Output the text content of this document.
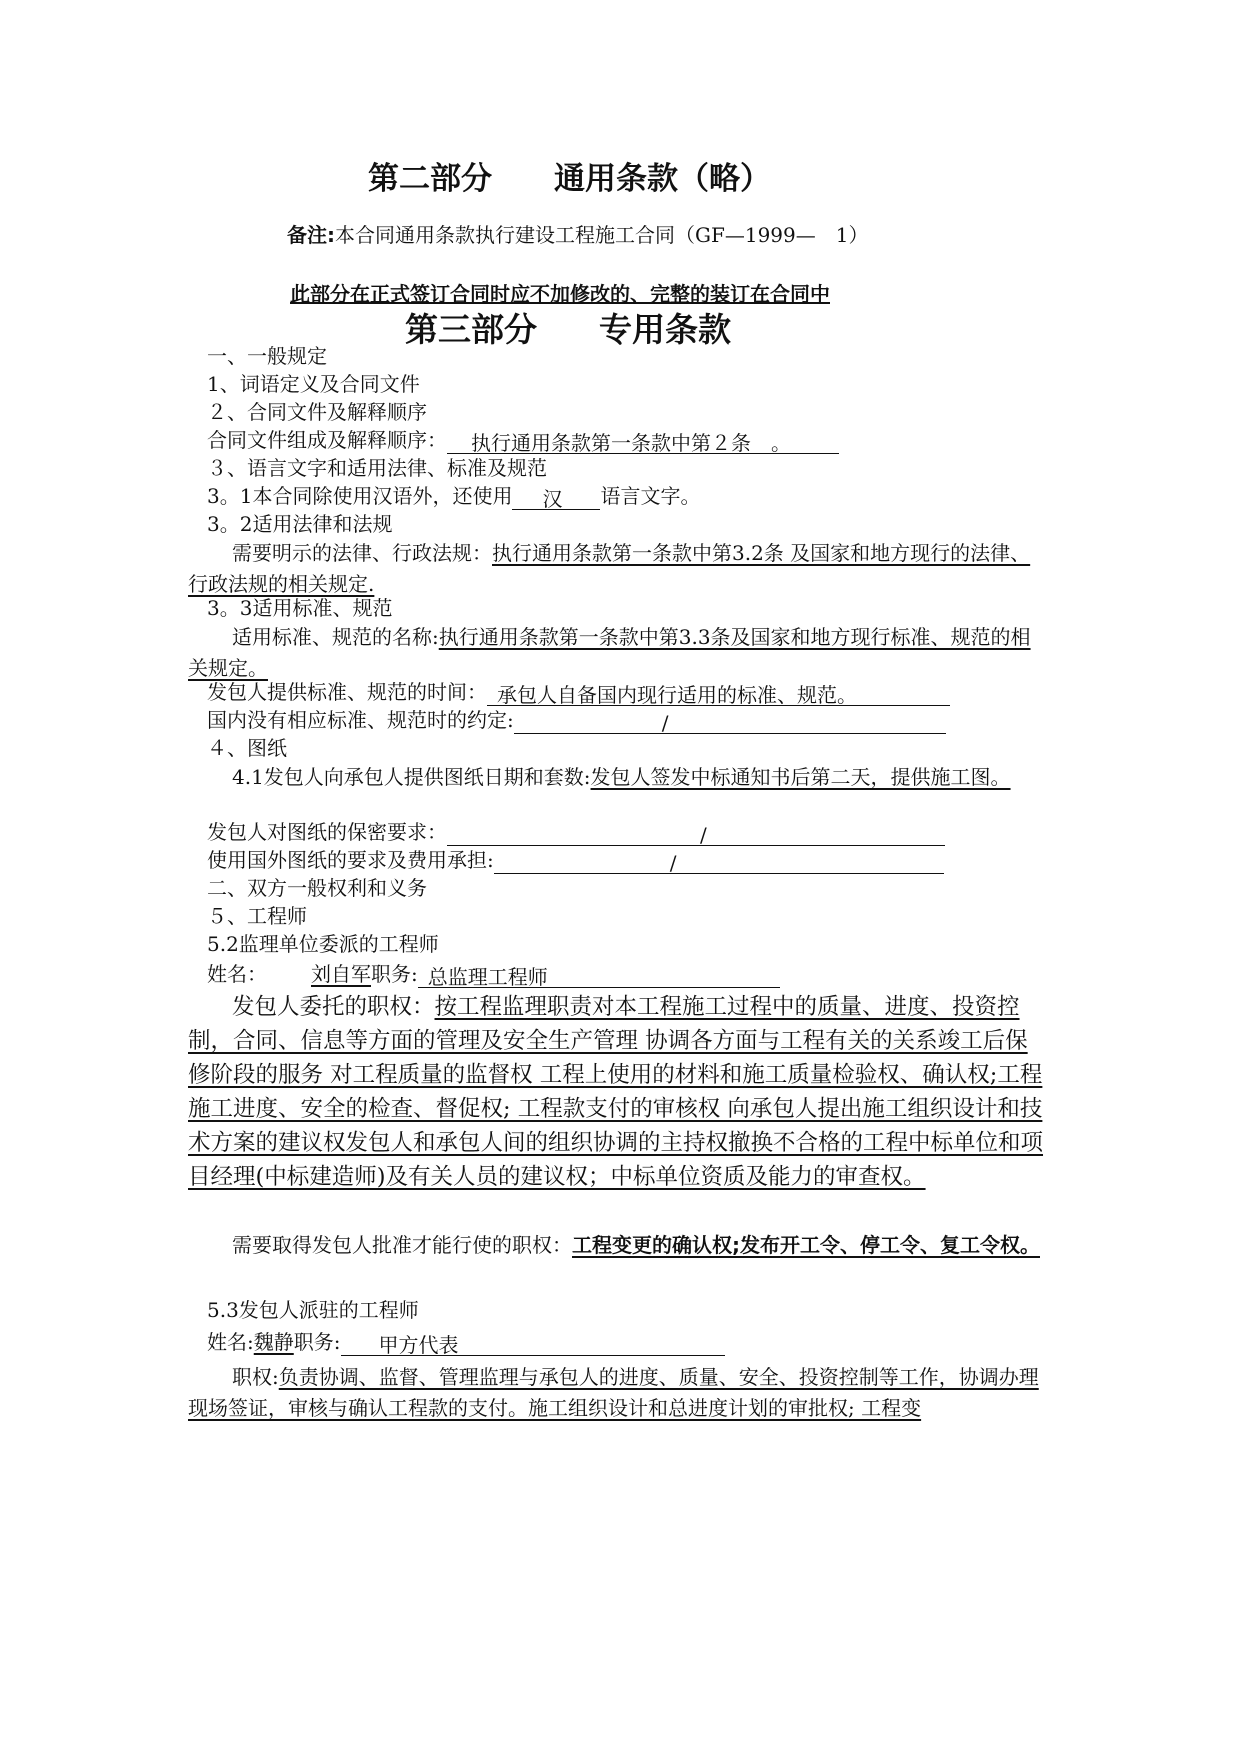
第二部分 通用条款（略）
备注:本合同通用条款执行建设工程施工合同（GF—1999—　1）
此部分在正式签订合同时应不加修改的、完整的装订在合同中
第三部分 专用条款
一、一般规定
1、词语定义及合同文件
２、合同文件及解释顺序
合同文件组成及解释顺序： 执行通用条款第一条款中第２条　。
３、语言文字和适用法律、标准及规范
3。1本合同除使用汉语外，还使用 汉 语言文字。
3。2适用法律和法规
需要明示的法律、行政法规：执行通用条款第一条款中第3.2条 及国家和地方现行的法律、行政法规的相关规定.
3。3适用标准、规范
适用标准、规范的名称:执行通用条款第一条款中第3.3条及国家和地方现行标准、规范的相关规定。
发包人提供标准、规范的时间： 承包人自备国内现行适用的标准、规范。
国内没有相应标准、规范时的约定:	/
４、图纸
4.1发包人向承包人提供图纸日期和套数:发包人签发中标通知书后第二天，提供施工图。
发包人对图纸的保密要求：	/
使用国外图纸的要求及费用承担:	/
二、双方一般权利和义务
５、工程师
5.2监理单位委派的工程师
姓名： 刘自军职务: 总监理工程师
发包人委托的职权：按工程监理职责对本工程施工过程中的质量、进度、投资控制，合同、信息等方面的管理及安全生产管理 协调各方面与工程有关的关系竣工后保修阶段的服务 对工程质量的监督权 工程上使用的材料和施工质量检验权、确认权;工程施工进度、安全的检查、督促权; 工程款支付的审核权 向承包人提出施工组织设计和技术方案的建议权发包人和承包人间的组织协调的主持权撤换不合格的工程中标单位和项目经理(中标建造师)及有关人员的建议权；中标单位资质及能力的审查权。
需要取得发包人批准才能行使的职权：工程变更的确认权;发布开工令、停工令、复工令权。
5.3发包人派驻的工程师
姓名:魏静职务: 甲方代表
职权:负责协调、监督、管理监理与承包人的进度、质量、安全、投资控制等工作，协调办理现场签证，审核与确认工程款的支付。施工组织设计和总进度计划的审批权; 工程变
